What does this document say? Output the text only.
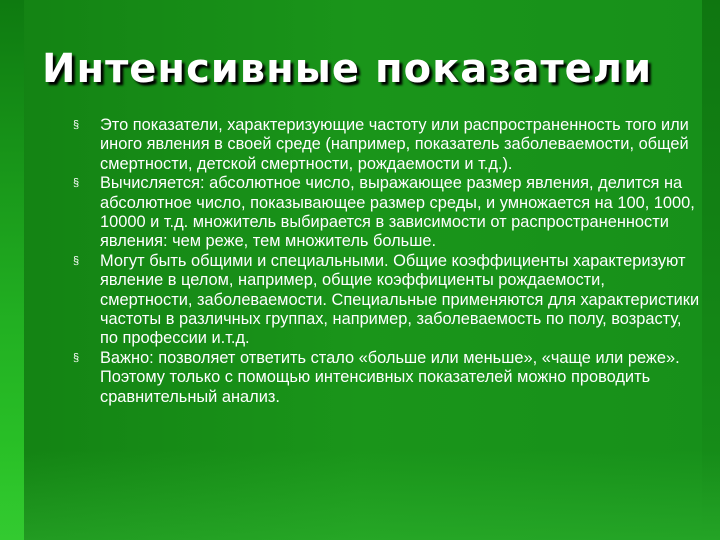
Интенсивные показатели
§ Это показатели, характеризующие частоту или распространенность того или иного явления в своей среде (например, показатель заболеваемости, общей смертности, детской смертности, рождаемости и т.д.).
§ Вычисляется: абсолютное число, выражающее размер явления, делится на абсолютное число, показывающее размер среды, и умножается на 100, 1000, 10000 и т.д. множитель выбирается в зависимости от распространенности явления: чем реже, тем множитель больше.
§ Могут быть общими и специальными. Общие коэффициенты характеризуют явление в целом, например, общие коэффициенты рождаемости, смертности, заболеваемости. Специальные применяются для характеристики частоты в различных группах, например, заболеваемость по полу, возрасту, по профессии и.т.д.
§ Важно: позволяет ответить стало «больше или меньше», «чаще или реже». Поэтому только с помощью интенсивных показателей можно проводить сравнительный анализ.
